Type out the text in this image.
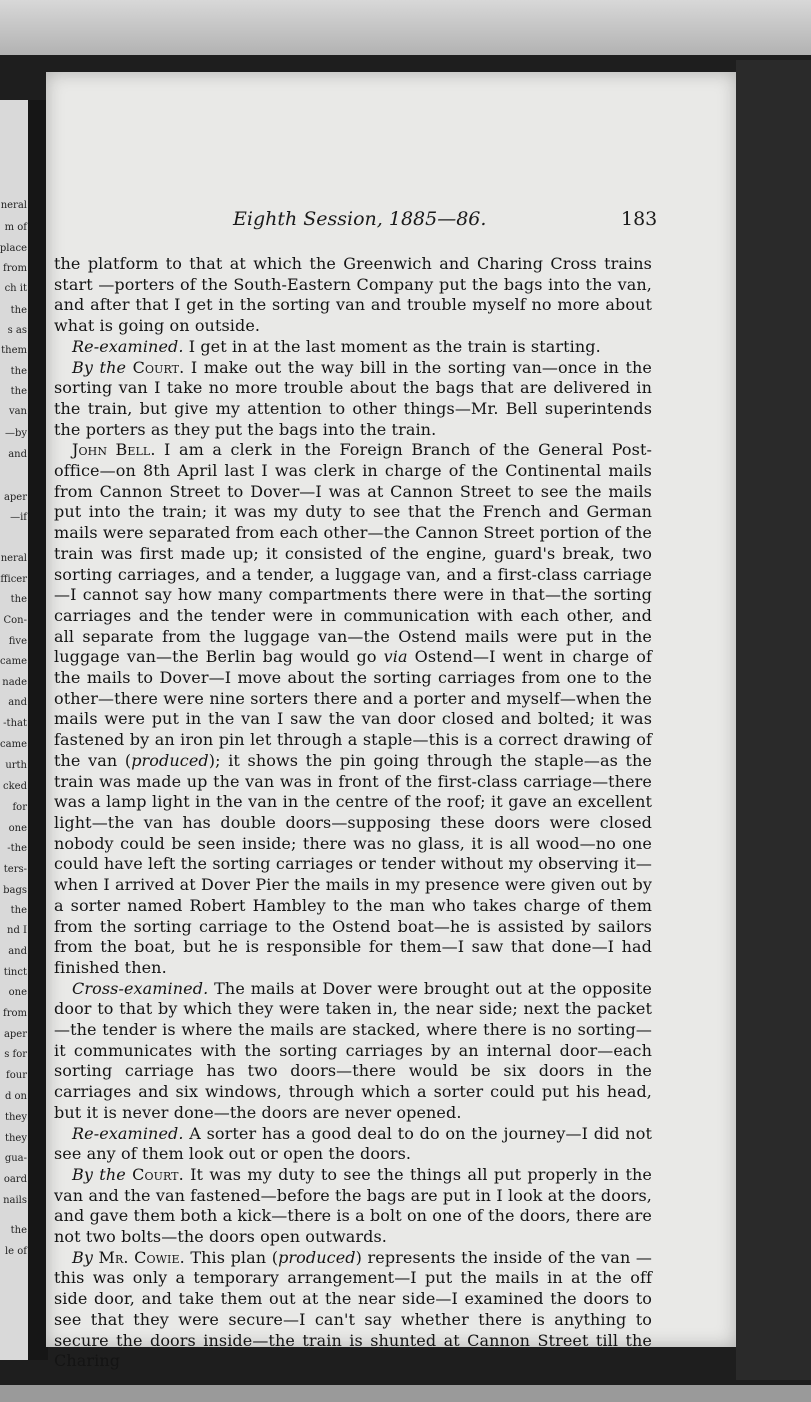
neral
m of
place
from
ch it
the
s as
them
the
the
van
—by
and
aper
—if
neral
fficer
the
Con-
five
came
nade
and
-that
came
urth
cked
for
one
-the
ters-
bags
the
nd I
and
tinct
one
from
aper
s for
four
d on
they
they
gua-
oard
nails
the
le of
Eighth Session, 1885—86.	183

the platform to that at which the Greenwich and Charing Cross trains start —porters of the South-Eastern Company put the bags into the van, and after that I get in the sorting van and trouble myself no more about what is going on outside.

Re-examined. I get in at the last moment as the train is starting.

By the Court. I make out the way bill in the sorting van—once in the sorting van I take no more trouble about the bags that are delivered in the train, but give my attention to other things—Mr. Bell superintends the porters as they put the bags into the train.

John Bell. I am a clerk in the Foreign Branch of the General Post-office—on 8th April last I was clerk in charge of the Continental mails from Cannon Street to Dover—I was at Cannon Street to see the mails put into the train; it was my duty to see that the French and German mails were separated from each other—the Cannon Street portion of the train was first made up; it consisted of the engine, guard's break, two sorting carriages, and a tender, a luggage van, and a first-class carriage —I cannot say how many compartments there were in that—the sorting carriages and the tender were in communication with each other, and all separate from the luggage van—the Ostend mails were put in the luggage van—the Berlin bag would go via Ostend—I went in charge of the mails to Dover—I move about the sorting carriages from one to the other—there were nine sorters there and a porter and myself—when the mails were put in the van I saw the van door closed and bolted; it was fastened by an iron pin let through a staple—this is a correct drawing of the van (produced); it shows the pin going through the staple—as the train was made up the van was in front of the first-class carriage—there was a lamp light in the van in the centre of the roof; it gave an excellent light—the van has double doors—supposing these doors were closed nobody could be seen inside; there was no glass, it is all wood—no one could have left the sorting carriages or tender without my observing it—when I arrived at Dover Pier the mails in my presence were given out by a sorter named Robert Hambley to the man who takes charge of them from the sorting carriage to the Ostend boat—he is assisted by sailors from the boat, but he is responsible for them—I saw that done—I had finished then.

Cross-examined. The mails at Dover were brought out at the opposite door to that by which they were taken in, the near side; next the packet —the tender is where the mails are stacked, where there is no sorting—it communicates with the sorting carriages by an internal door—each sorting carriage has two doors—there would be six doors in the carriages and six windows, through which a sorter could put his head, but it is never done—the doors are never opened.

Re-examined. A sorter has a good deal to do on the journey—I did not see any of them look out or open the doors.

By the Court. It was my duty to see the things all put properly in the van and the van fastened—before the bags are put in I look at the doors, and gave them both a kick—there is a bolt on one of the doors, there are not two bolts—the doors open outwards.

By Mr. Cowie. This plan (produced) represents the inside of the van —this was only a temporary arrangement—I put the mails in at the off side door, and take them out at the near side—I examined the doors to see that they were secure—I can't say whether there is anything to secure the doors inside—the train is shunted at Cannon Street till the Charing
